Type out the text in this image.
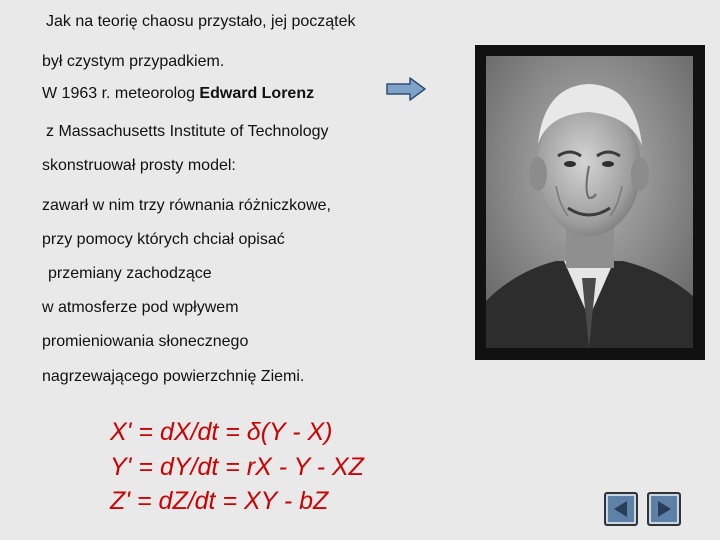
Jak na teorię chaosu przystało, jej początek
był czystym przypadkiem.
W 1963 r. meteorolog Edward Lorenz
z Massachusetts Institute of Technology
skonstruował prosty model:
zawarł w nim trzy równania różniczkowe,
przy pomocy których chciał opisać
przemiany zachodzące
w atmosferze pod wpływem
promieniowania słonecznego
nagrzewającego powierzchnię Ziemi.
X' = dX/dt = δ(Y - X)
Y' = dY/dt = rX - Y - XZ
Z' = dZ/dt = XY - bZ
